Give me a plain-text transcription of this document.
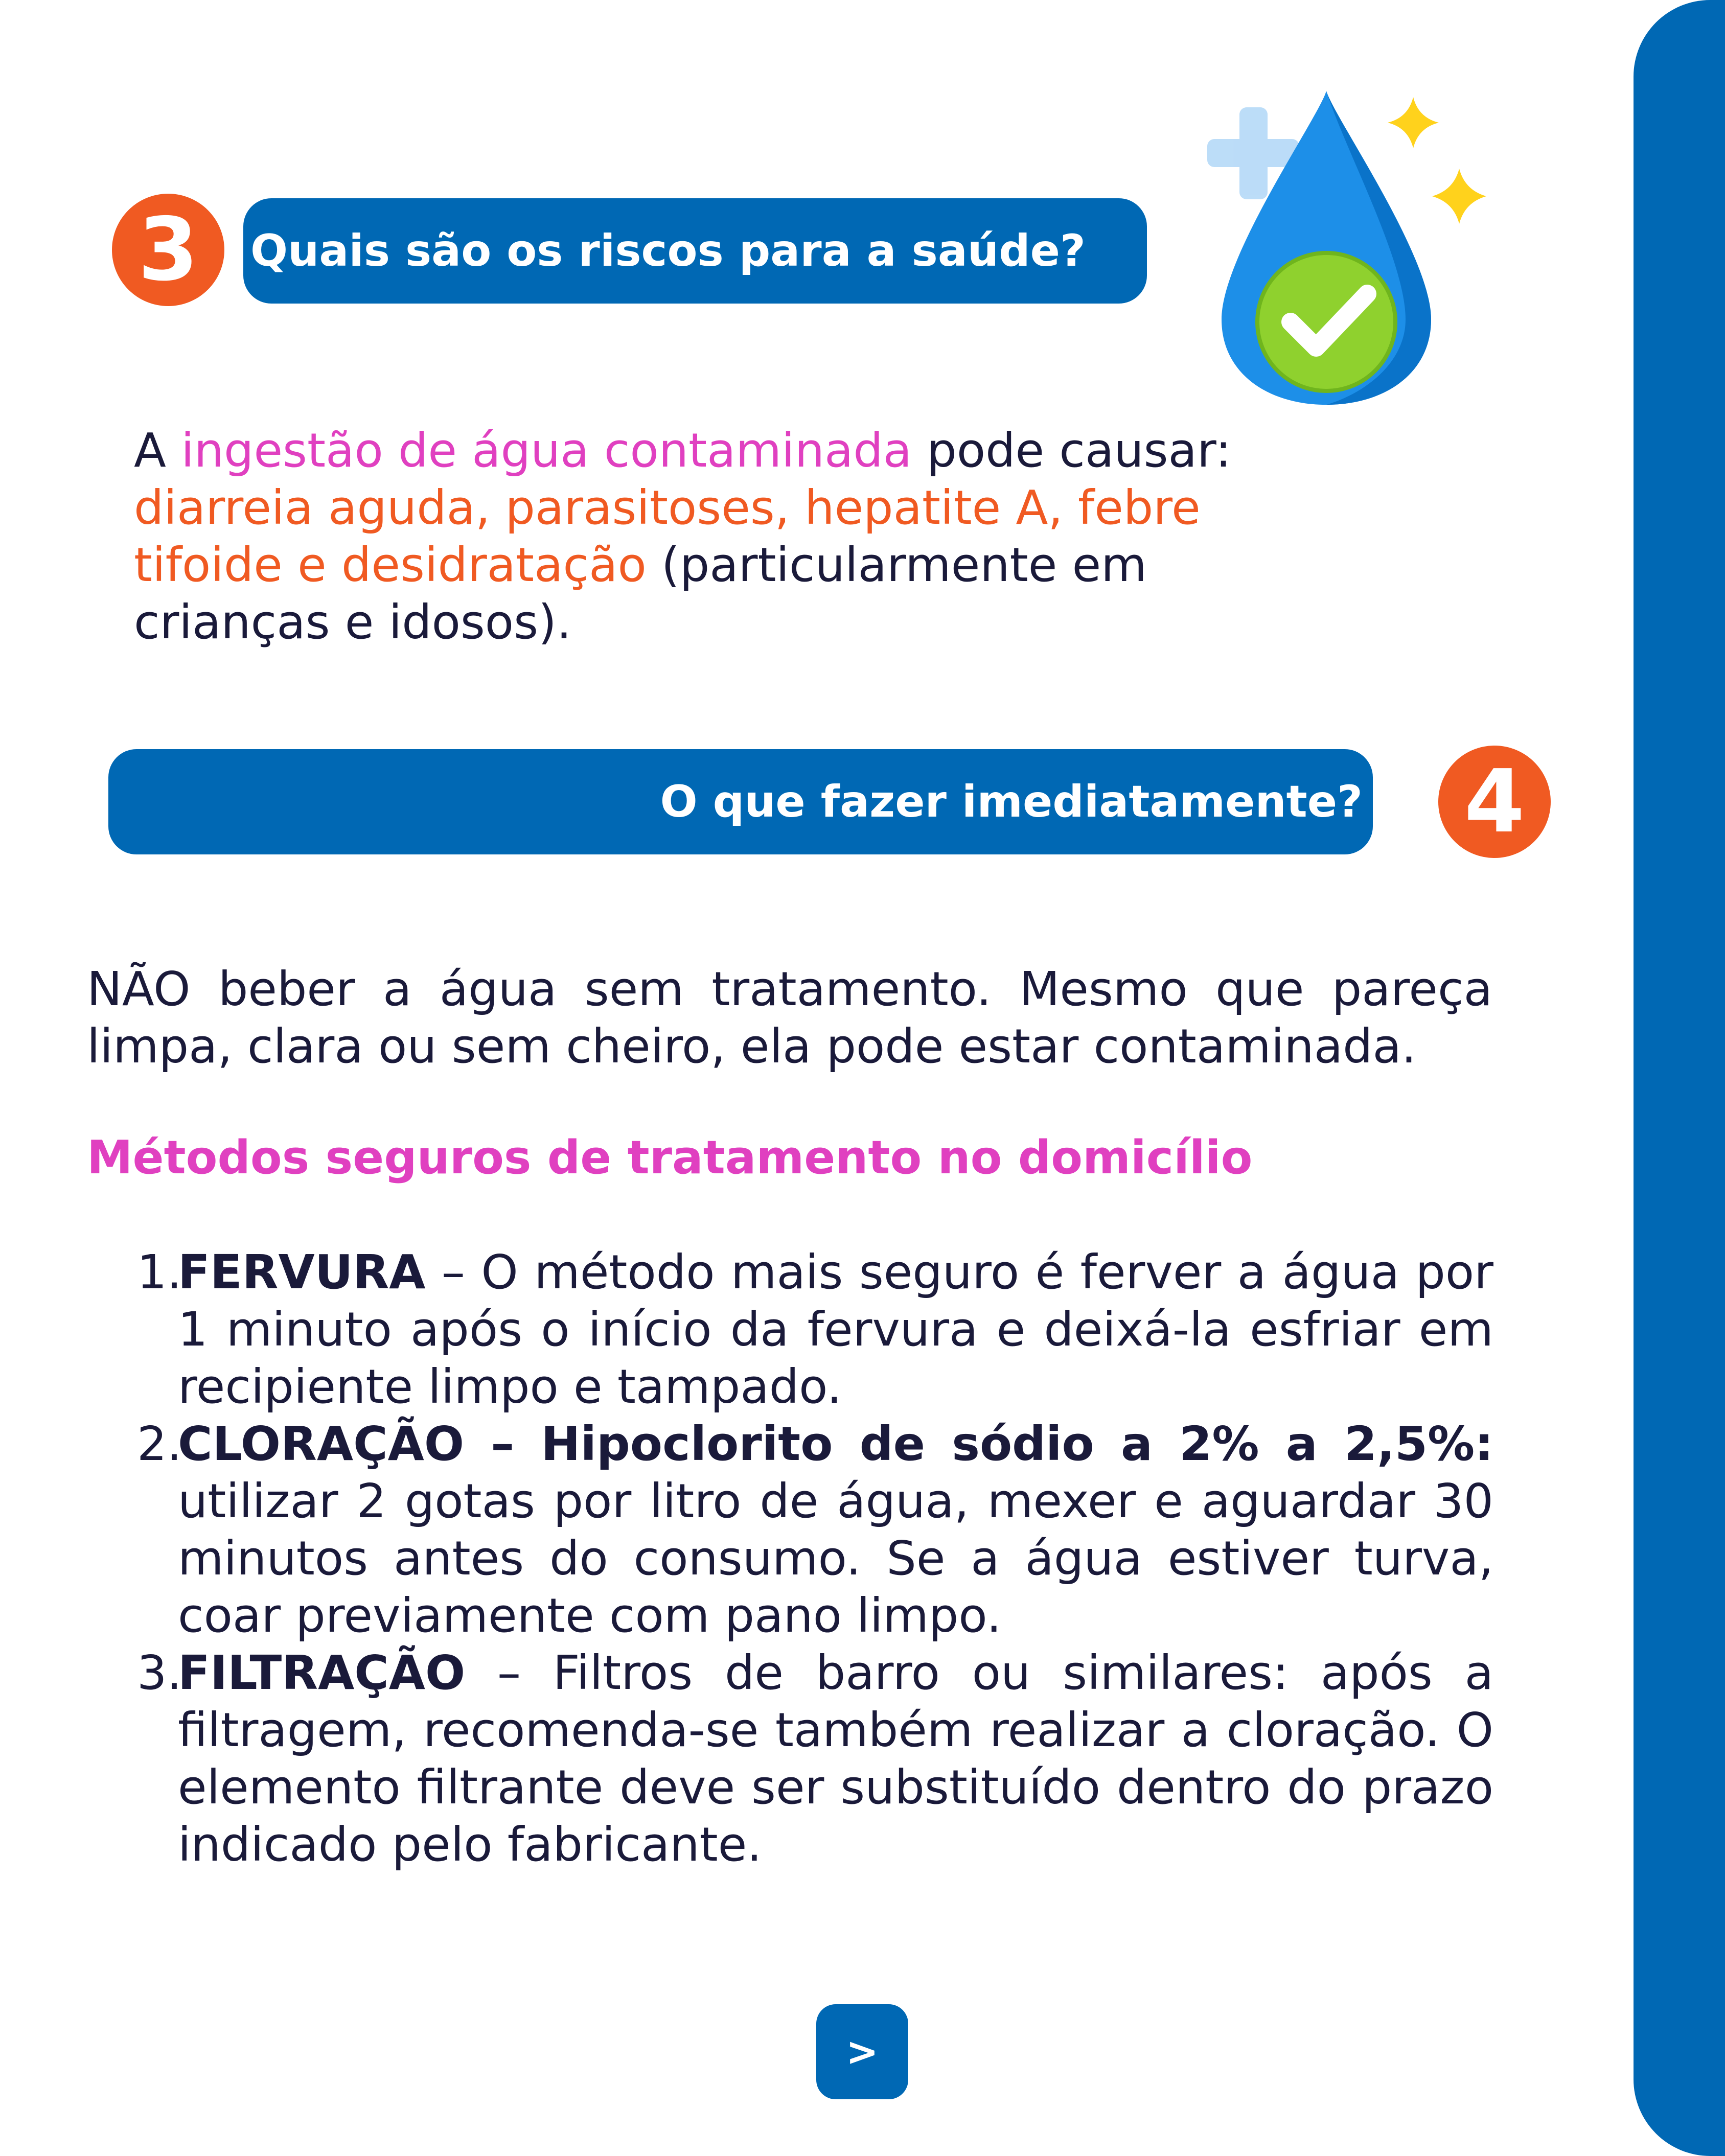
3	Quais são os riscos para a saúde?
A ingestão de água contaminada pode causar: diarreia aguda, parasitoses, hepatite A, febre tifoide e desidratação (particularmente em crianças e idosos).
O que fazer imediatamente? 4
NÃO beber a água sem tratamento. Mesmo que pareça limpa, clara ou sem cheiro, ela pode estar contaminada.
Métodos seguros de tratamento no domicílio
1.
FERVURA – O método mais seguro é ferver a água por 1 minuto após o início da fervura e deixá-la esfriar em recipiente limpo e tampado.
2.
CLORAÇÃO – Hipoclorito de sódio a 2% a 2,5%: utilizar 2 gotas por litro de água, mexer e aguardar 30 minutos antes do consumo. Se a água estiver turva, coar previamente com pano limpo.
3.
FILTRAÇÃO – Filtros de barro ou similares: após a filtragem, recomenda-se também realizar a cloração. O elemento filtrante deve ser substituído dentro do prazo indicado pelo fabricante.
>
